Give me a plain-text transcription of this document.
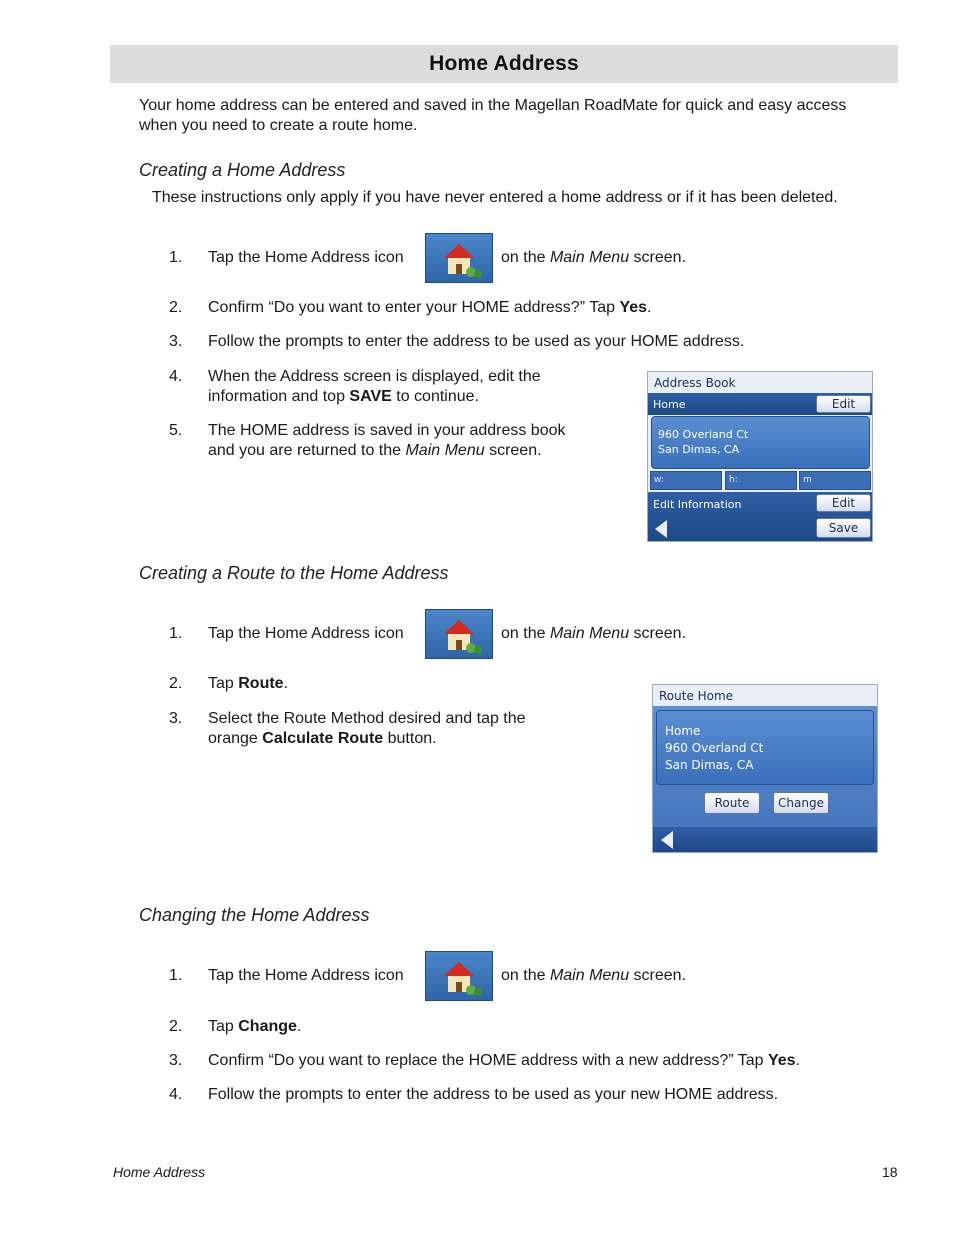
Home Address
Your home address can be entered and saved in the Magellan RoadMate for quick and easy access when you need to create a route home.
Creating a Home Address
These instructions only apply if you have never entered a home address or if it has been deleted.
1.	Tap the Home Address icon	on the Main Menu screen.
2.	Confirm “Do you want to enter your HOME address?” Tap Yes.
3.	Follow the prompts to enter the address to be used as your HOME address.
4.	When the Address screen is displayed, edit the information and top SAVE to continue.
5.	The HOME address is saved in your address book and you are returned to the Main Menu screen.
Address Book
Home	Edit
960 Overland Ct
San Dimas, CA
w:	h:	m
Edit Information	Edit
Save
Creating a Route to the Home Address
1.	Tap the Home Address icon	on the Main Menu screen.
2.	Tap Route.
3.	Select the Route Method desired and tap the orange Calculate Route button.
Route Home
Home
960 Overland Ct
San Dimas, CA
Route	Change
Changing the Home Address
1.	Tap the Home Address icon	on the Main Menu screen.
2.	Tap Change.
3.	Confirm “Do you want to replace the HOME address with a new address?” Tap Yes.
4.	Follow the prompts to enter the address to be used as your new HOME address.
Home Address	18
